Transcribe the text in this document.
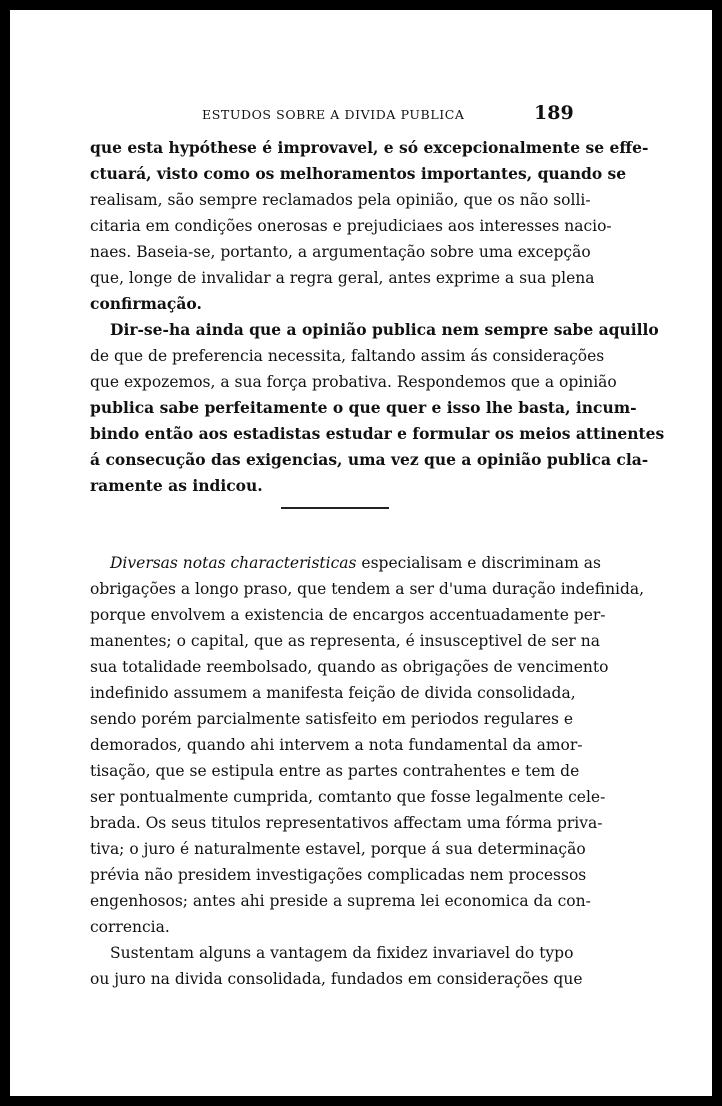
ESTUDOS SOBRE A DIVIDA PUBLICA	189
que esta hypóthese é improvavel, e só excepcionalmente se effe-
ctuará, visto como os melhoramentos importantes, quando se
realisam, são sempre reclamados pela opinião, que os não solli-
citaria em condições onerosas e prejudiciaes aos interesses nacio-
naes. Baseia-se, portanto, a argumentação sobre uma excepção
que, longe de invalidar a regra geral, antes exprime a sua plena
confirmação.
Dir-se-ha ainda que a opinião publica nem sempre sabe aquillo
de que de preferencia necessita, faltando assim ás considerações
que expozemos, a sua força probativa. Respondemos que a opinião
publica sabe perfeitamente o que quer e isso lhe basta, incum-
bindo então aos estadistas estudar e formular os meios attinentes
á consecução das exigencias, uma vez que a opinião publica cla-
ramente as indicou.
Diversas notas characteristicas especialisam e discriminam as
obrigações a longo praso, que tendem a ser d'uma duração indefinida,
porque envolvem a existencia de encargos accentuadamente per-
manentes; o capital, que as representa, é insusceptivel de ser na
sua totalidade reembolsado, quando as obrigações de vencimento
indefinido assumem a manifesta feição de divida consolidada,
sendo porém parcialmente satisfeito em periodos regulares e
demorados, quando ahi intervem a nota fundamental da amor-
tisação, que se estipula entre as partes contrahentes e tem de
ser pontualmente cumprida, comtanto que fosse legalmente cele-
brada. Os seus titulos representativos affectam uma fórma priva-
tiva; o juro é naturalmente estavel, porque á sua determinação
prévia não presidem investigações complicadas nem processos
engenhosos; antes ahi preside a suprema lei economica da con-
correncia.
Sustentam alguns a vantagem da fixidez invariavel do typo
ou juro na divida consolidada, fundados em considerações que
